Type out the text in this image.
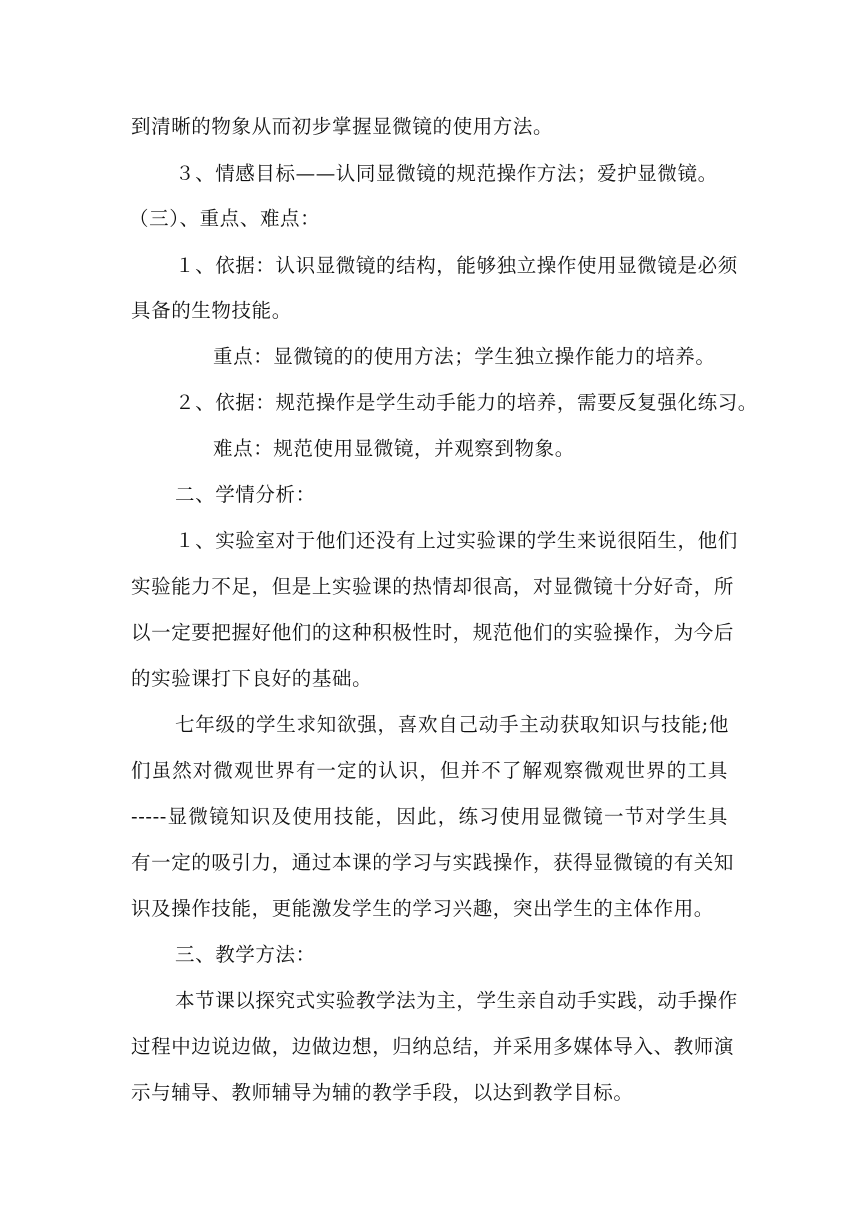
到清晰的物象从而初步掌握显微镜的使用方法。
３、情感目标——认同显微镜的规范操作方法；爱护显微镜。
（三）、重点、难点：
１、依据：认识显微镜的结构，能够独立操作使用显微镜是必须
具备的生物技能。
重点：显微镜的的使用方法；学生独立操作能力的培养。
２、依据：规范操作是学生动手能力的培养，需要反复强化练习。
难点：规范使用显微镜，并观察到物象。
二、学情分析：
１、实验室对于他们还没有上过实验课的学生来说很陌生，他们
实验能力不足，但是上实验课的热情却很高，对显微镜十分好奇，所
以一定要把握好他们的这种积极性时，规范他们的实验操作，为今后
的实验课打下良好的基础。
七年级的学生求知欲强，喜欢自己动手主动获取知识与技能;他
们虽然对微观世界有一定的认识，但并不了解观察微观世界的工具
-----显微镜知识及使用技能，因此，练习使用显微镜一节对学生具
有一定的吸引力，通过本课的学习与实践操作，获得显微镜的有关知
识及操作技能，更能激发学生的学习兴趣，突出学生的主体作用。
三、教学方法：
本节课以探究式实验教学法为主，学生亲自动手实践，动手操作
过程中边说边做，边做边想，归纳总结，并采用多媒体导入、教师演
示与辅导、教师辅导为辅的教学手段，以达到教学目标。
